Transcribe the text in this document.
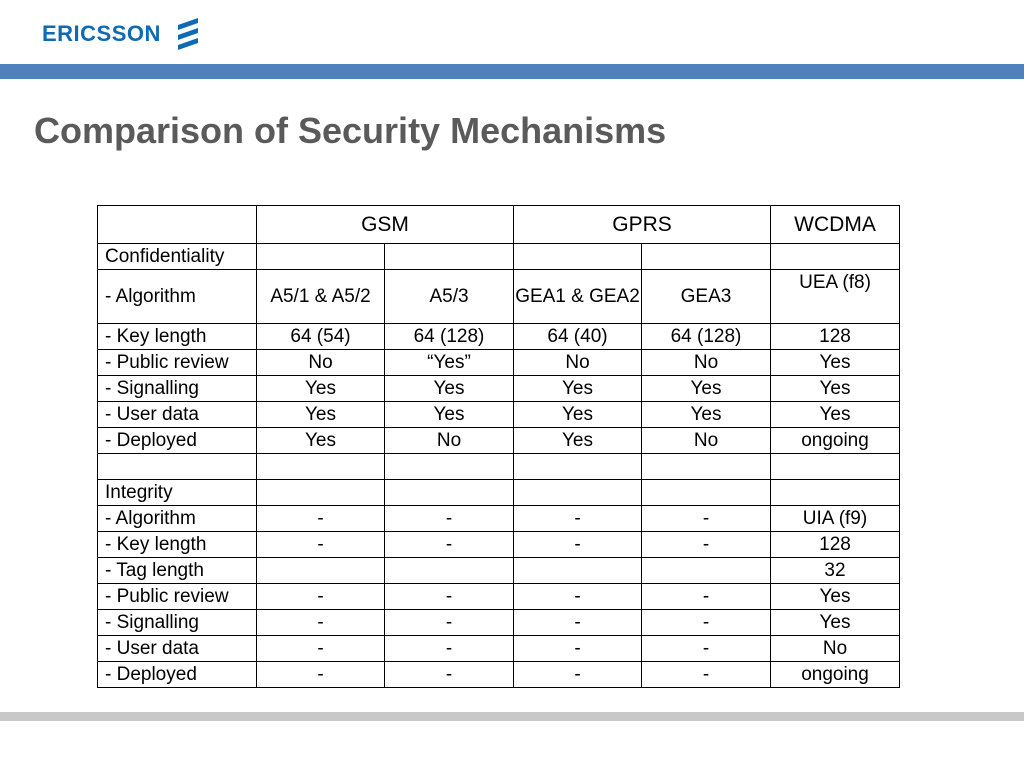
ERICSSON
Comparison of Security Mechanisms
	GSM		GPRS		WCDMA
Confidentiality					
- Algorithm	A5/1 & A5/2	A5/3	GEA1 & GEA2	GEA3	UEA (f8)
- Key length	64 (54)	64 (128)	64 (40)	64 (128)	128
- Public review	No	“Yes”	No	No	Yes
- Signalling	Yes	Yes	Yes	Yes	Yes
- User data	Yes	Yes	Yes	Yes	Yes
- Deployed	Yes	No	Yes	No	ongoing

Integrity					
- Algorithm	-	-	-	-	UIA (f9)
- Key length	-	-	-	-	128
- Tag length					32
- Public review	-	-	-	-	Yes
- Signalling	-	-	-	-	Yes
- User data	-	-	-	-	No
- Deployed	-	-	-	-	ongoing
